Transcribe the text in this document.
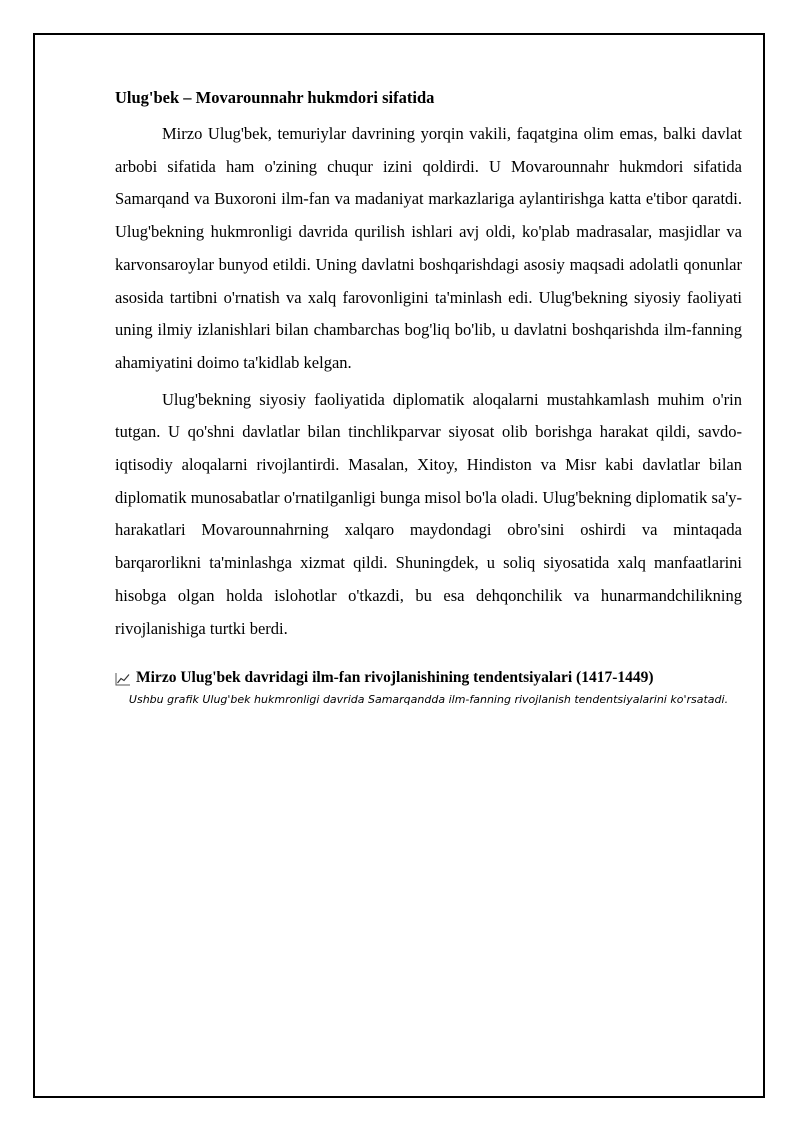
Ulug'bek – Movarounnahr hukmdori sifatida

Mirzo Ulug'bek, temuriylar davrining yorqin vakili, faqatgina olim emas, balki davlat arbobi sifatida ham o'zining chuqur izini qoldirdi. U Movarounnahr hukmdori sifatida Samarqand va Buxoroni ilm-fan va madaniyat markazlariga aylantirishga katta e'tibor qaratdi. Ulug'bekning hukmronligi davrida qurilish ishlari avj oldi, ko'plab madrasalar, masjidlar va karvonsaroylar bunyod etildi. Uning davlatni boshqarishdagi asosiy maqsadi adolatli qonunlar asosida tartibni o'rnatish va xalq farovonligini ta'minlash edi. Ulug'bekning siyosiy faoliyati uning ilmiy izlanishlari bilan chambarchas bog'liq bo'lib, u davlatni boshqarishda ilm-fanning ahamiyatini doimo ta'kidlab kelgan.

Ulug'bekning siyosiy faoliyatida diplomatik aloqalarni mustahkamlash muhim o'rin tutgan. U qo'shni davlatlar bilan tinchlikparvar siyosat olib borishga harakat qildi, savdo-iqtisodiy aloqalarni rivojlantirdi. Masalan, Xitoy, Hindiston va Misr kabi davlatlar bilan diplomatik munosabatlar o'rnatilganligi bunga misol bo'la oladi. Ulug'bekning diplomatik sa'y-harakatlari Movarounnahrning xalqaro maydondagi obro'sini oshirdi va mintaqada barqarorlikni ta'minlashga xizmat qildi. Shuningdek, u soliq siyosatida xalq manfaatlarini hisobga olgan holda islohotlar o'tkazdi, bu esa dehqonchilik va hunarmandchilikning rivojlanishiga turtki berdi.

Mirzo Ulug'bek davridagi ilm-fan rivojlanishining tendentsiyalari (1417-1449)

Ushbu grafik Ulug'bek hukmronligi davrida Samarqandda ilm-fanning rivojlanish tendentsiyalarini ko'rsatadi.
